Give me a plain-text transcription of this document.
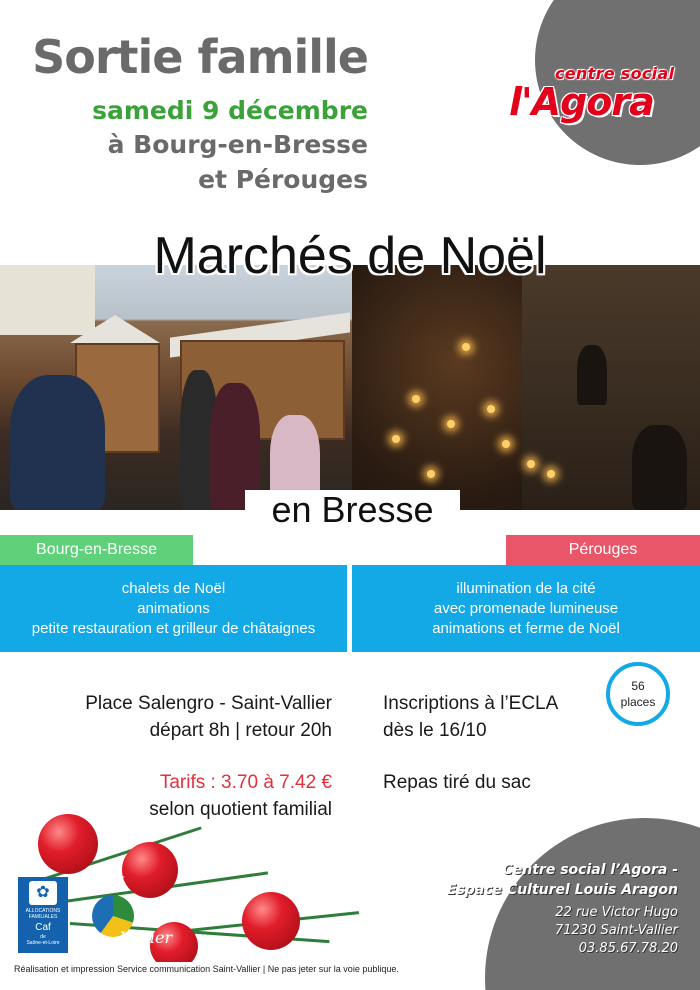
centre social
l'Agora
Sortie famille
samedi 9 décembre
à Bourg-en-Bresse
et Pérouges
Marchés de Noël
en Bresse
Bourg-en-Bresse	Pérouges
chalets de Noël
animations
petite restauration et grilleur de châtaignes
illumination de la cité
avec promenade lumineuse
animations et ferme de Noël
Place Salengro - Saint-Vallier
départ 8h | retour 20h
Tarifs : 3.70 à 7.42 €
selon quotient familial
Inscriptions à l’ECLA
dès le 16/10
Repas tiré du sac
56
places
Centre social l’Agora -
Espace Culturel Louis Aragon
22 rue Victor Hugo
71230 Saint-Vallier
03.85.67.78.20
✿
ALLOCATIONS
FAMILIALES
Caf
de
Saône-et-Loire
Saint
Vallier
Réalisation et impression Service communication Saint-Vallier | Ne pas jeter sur la voie publique.
